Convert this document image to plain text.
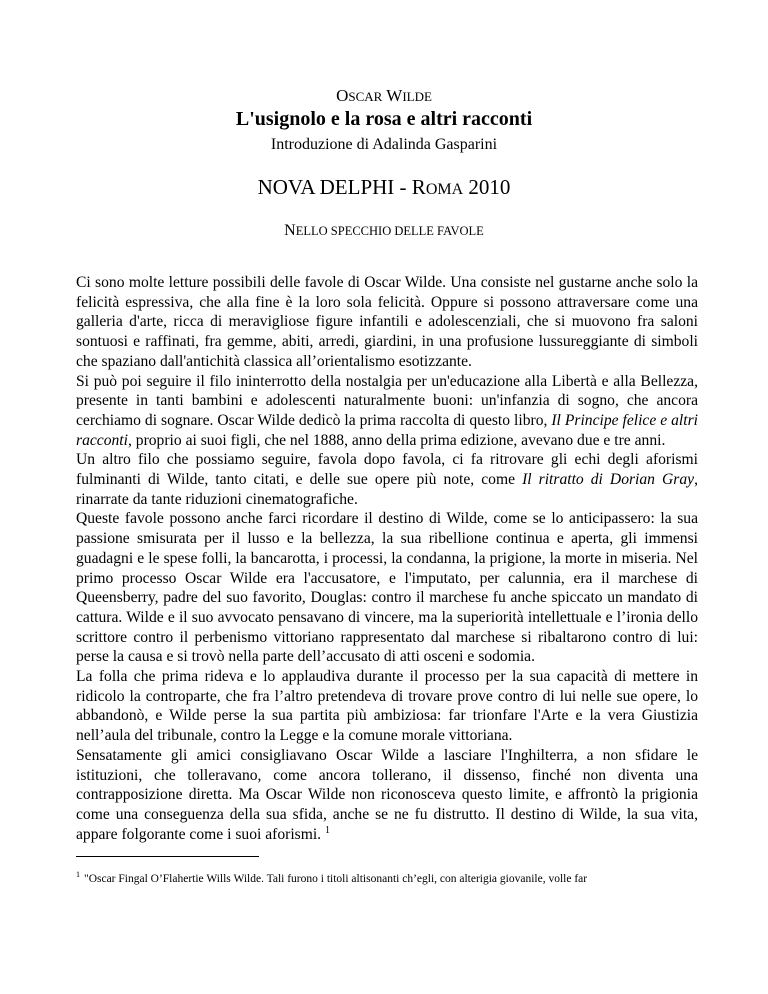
OSCAR WILDE
L'usignolo e la rosa e altri racconti
Introduzione di Adalinda Gasparini
NOVA DELPHI - ROMA 2010
NELLO SPECCHIO DELLE FAVOLE

Ci sono molte letture possibili delle favole di Oscar Wilde. Una consiste nel gustarne anche solo la felicità espressiva, che alla fine è la loro sola felicità. Oppure si possono attraversare come una galleria d'arte, ricca di meravigliose figure infantili e adolescenziali, che si muovono fra saloni sontuosi e raffinati, fra gemme, abiti, arredi, giardini, in una profusione lussureggiante di simboli che spaziano dall'antichità classica all’orientalismo esotizzante.

Si può poi seguire il filo ininterrotto della nostalgia per un'educazione alla Libertà e alla Bellezza, presente in tanti bambini e adolescenti naturalmente buoni: un'infanzia di sogno, che ancora cerchiamo di sognare. Oscar Wilde dedicò la prima raccolta di questo libro, Il Principe felice e altri racconti, proprio ai suoi figli, che nel 1888, anno della prima edizione, avevano due e tre anni.

Un altro filo che possiamo seguire, favola dopo favola, ci fa ritrovare gli echi degli aforismi fulminanti di Wilde, tanto citati, e delle sue opere più note, come Il ritratto di Dorian Gray, rinarrate da tante riduzioni cinematografiche.

Queste favole possono anche farci ricordare il destino di Wilde, come se lo anticipassero: la sua passione smisurata per il lusso e la bellezza, la sua ribellione continua e aperta, gli immensi guadagni e le spese folli, la bancarotta, i processi, la condanna, la prigione, la morte in miseria. Nel primo processo Oscar Wilde era l'accusatore, e l'imputato, per calunnia, era il marchese di Queensberry, padre del suo favorito, Douglas: contro il marchese fu anche spiccato un mandato di cattura. Wilde e il suo avvocato pensavano di vincere, ma la superiorità intellettuale e l’ironia dello scrittore contro il perbenismo vittoriano rappresentato dal marchese si ribaltarono contro di lui: perse la causa e si trovò nella parte dell’accusato di atti osceni e sodomia.

La folla che prima rideva e lo applaudiva durante il processo per la sua capacità di mettere in ridicolo la controparte, che fra l’altro pretendeva di trovare prove contro di lui nelle sue opere, lo abbandonò, e Wilde perse la sua partita più ambiziosa: far trionfare l'Arte e la vera Giustizia nell’aula del tribunale, contro la Legge e la comune morale vittoriana.

Sensatamente gli amici consigliavano Oscar Wilde a lasciare l'Inghilterra, a non sfidare le istituzioni, che tolleravano, come ancora tollerano, il dissenso, finché non diventa una contrapposizione diretta. Ma Oscar Wilde non riconosceva questo limite, e affrontò la prigionia come una conseguenza della sua sfida, anche se ne fu distrutto. Il destino di Wilde, la sua vita, appare folgorante come i suoi aforismi. $^1$

$^1$ "Oscar Fingal O’Flahertie Wills Wilde. Tali furono i titoli altisonanti ch’egli, con alterigia giovanile, volle far
